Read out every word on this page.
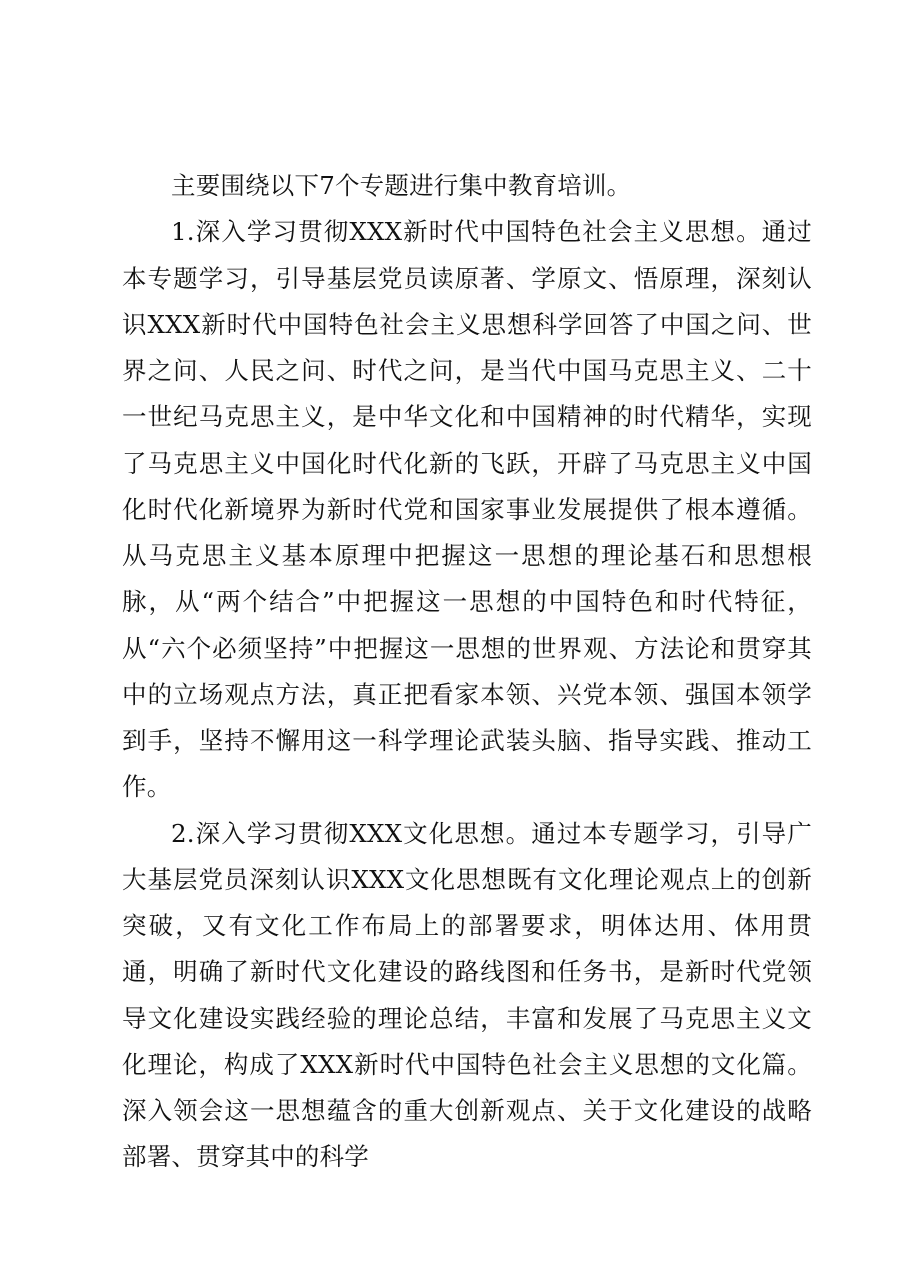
主要围绕以下7个专题进行集中教育培训。

1.深入学习贯彻XXX新时代中国特色社会主义思想。通过本专题学习，引导基层党员读原著、学原文、悟原理，深刻认识XXX新时代中国特色社会主义思想科学回答了中国之问、世界之问、人民之问、时代之问，是当代中国马克思主义、二十一世纪马克思主义，是中华文化和中国精神的时代精华，实现了马克思主义中国化时代化新的飞跃，开辟了马克思主义中国化时代化新境界为新时代党和国家事业发展提供了根本遵循。从马克思主义基本原理中把握这一思想的理论基石和思想根脉，从“两个结合”中把握这一思想的中国特色和时代特征，从“六个必须坚持”中把握这一思想的世界观、方法论和贯穿其中的立场观点方法，真正把看家本领、兴党本领、强国本领学到手，坚持不懈用这一科学理论武装头脑、指导实践、推动工作。

2.深入学习贯彻XXX文化思想。通过本专题学习，引导广大基层党员深刻认识XXX文化思想既有文化理论观点上的创新突破，又有文化工作布局上的部署要求，明体达用、体用贯通，明确了新时代文化建设的路线图和任务书，是新时代党领导文化建设实践经验的理论总结，丰富和发展了马克思主义文化理论，构成了XXX新时代中国特色社会主义思想的文化篇。深入领会这一思想蕴含的重大创新观点、关于文化建设的战略部署、贯穿其中的科学
